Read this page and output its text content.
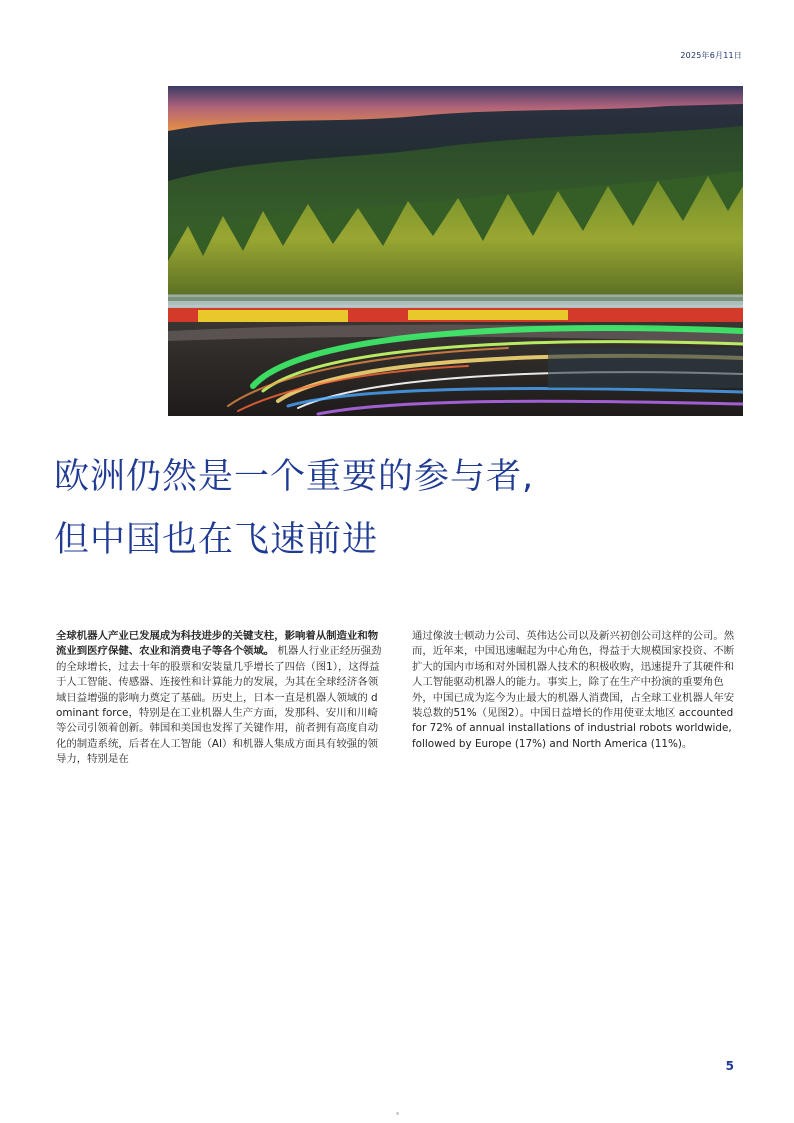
2025年6月11日
欧洲仍然是一个重要的参与者,
但中国也在飞速前进
全球机器人产业已发展成为科技进步的关键支柱，影响着从制造业和物流业到医疗保健、农业和消费电子等各个领域。 机器人行业正经历强劲的全球增长，过去十年的股票和安装量几乎增长了四倍（图1），这得益于人工智能、传感器、连接性和计算能力的发展，为其在全球经济各领域日益增强的影响力奠定了基础。历史上，日本一直是机器人领域的 dominant force，特别是在工业机器人生产方面，发那科、安川和川崎等公司引领着创新。韩国和美国也发挥了关键作用，前者拥有高度自动化的制造系统，后者在人工智能（AI）和机器人集成方面具有较强的领导力，特别是在
通过像波士顿动力公司、英伟达公司以及新兴初创公司这样的公司。然而，近年来，中国迅速崛起为中心角色，得益于大规模国家投资、不断扩大的国内市场和对外国机器人技术的积极收购，迅速提升了其硬件和人工智能驱动机器人的能力。事实上，除了在生产中扮演的重要角色外，中国已成为迄今为止最大的机器人消费国，占全球工业机器人年安装总数的51%（见图2）。中国日益增长的作用使亚太地区 accounted for 72% of annual installations of industrial robots worldwide, followed by Europe (17%) and North America (11%)。
5
